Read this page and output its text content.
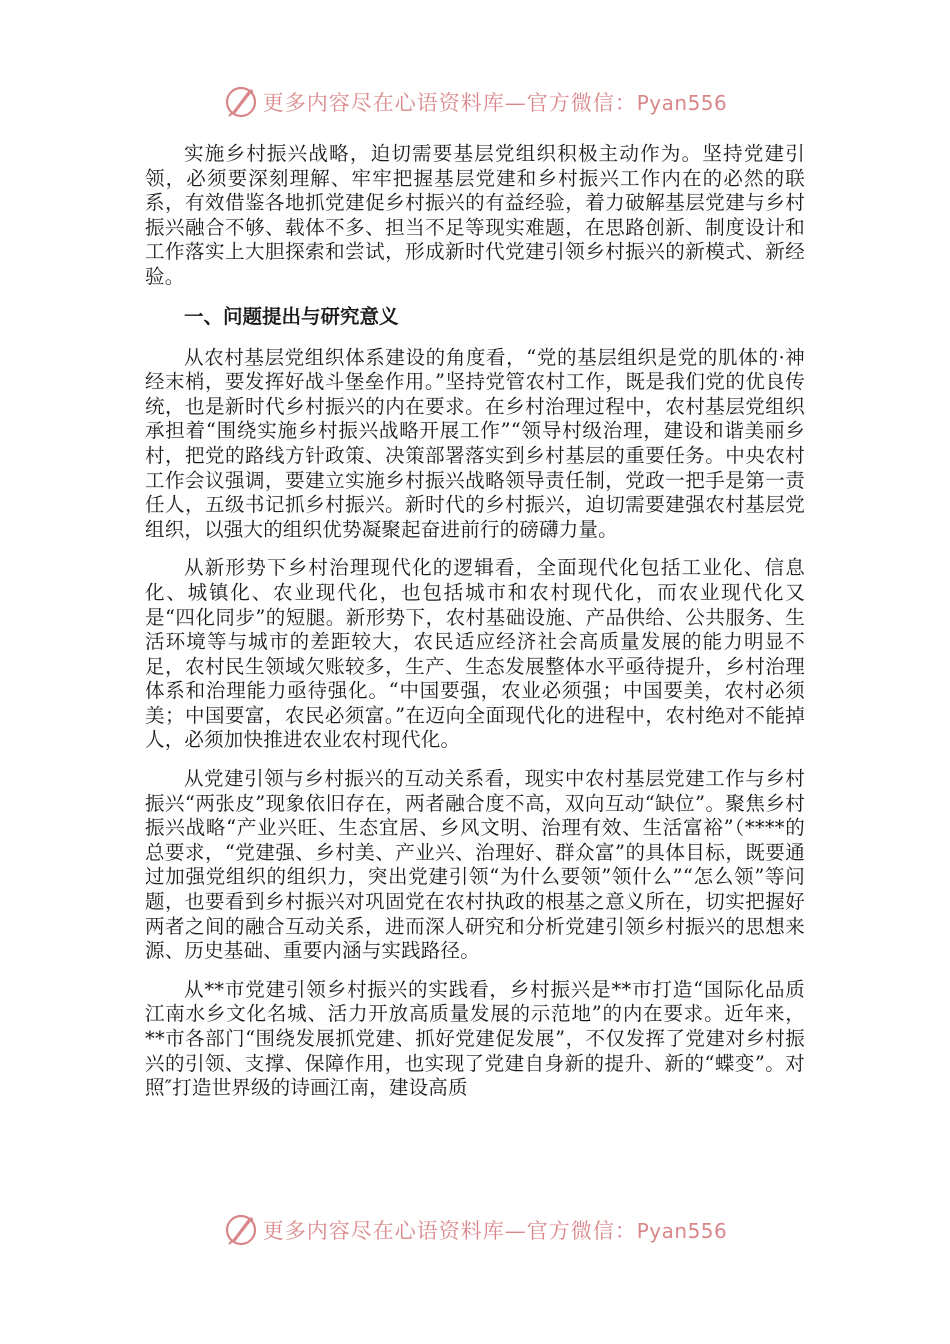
更多内容尽在心语资料库—官方微信：Pyan556

实施乡村振兴战略，迫切需要基层党组织积极主动作为。坚持党建引领，必须要深刻理解、牢牢把握基层党建和乡村振兴工作内在的必然的联系，有效借鉴各地抓党建促乡村振兴的有益经验，着力破解基层党建与乡村振兴融合不够、载体不多、担当不足等现实难题，在思路创新、制度设计和工作落实上大胆探索和尝试，形成新时代党建引领乡村振兴的新模式、新经验。

一、问题提出与研究意义

从农村基层党组织体系建设的角度看，“党的基层组织是党的肌体的·神经末梢，要发挥好战斗堡垒作用。”坚持党管农村工作，既是我们党的优良传统，也是新时代乡村振兴的内在要求。在乡村治理过程中，农村基层党组织承担着“围绕实施乡村振兴战略开展工作”“领导村级治理，建设和谐美丽乡村，把党的路线方针政策、决策部署落实到乡村基层的重要任务。中央农村工作会议强调，要建立实施乡村振兴战略领导责任制，党政一把手是第一责任人，五级书记抓乡村振兴。新时代的乡村振兴，迫切需要建强农村基层党组织，以强大的组织优势凝聚起奋进前行的磅礴力量。

从新形势下乡村治理现代化的逻辑看，全面现代化包括工业化、信息化、城镇化、农业现代化，也包括城市和农村现代化，而农业现代化又是“四化同步”的短腿。新形势下，农村基础设施、产品供给、公共服务、生活环境等与城市的差距较大，农民适应经济社会高质量发展的能力明显不足，农村民生领域欠账较多，生产、生态发展整体水平亟待提升，乡村治理体系和治理能力亟待强化。“中国要强，农业必须强；中国要美，农村必须美；中国要富，农民必须富。”在迈向全面现代化的进程中，农村绝对不能掉人，必须加快推进农业农村现代化。

从党建引领与乡村振兴的互动关系看，现实中农村基层党建工作与乡村振兴“两张皮”现象依旧存在，两者融合度不高，双向互动“缺位”。聚焦乡村振兴战略“产业兴旺、生态宜居、乡风文明、治理有效、生活富裕”（****的总要求，“党建强、乡村美、产业兴、治理好、群众富”的具体目标，既要通过加强党组织的组织力，突出党建引领“为什么要领”领什么”“怎么领”等问题，也要看到乡村振兴对巩固党在农村执政的根基之意义所在，切实把握好两者之间的融合互动关系，进而深人研究和分析党建引领乡村振兴的思想来源、历史基础、重要内涵与实践路径。

从**市党建引领乡村振兴的实践看，乡村振兴是**市打造“国际化品质江南水乡文化名城、活力开放高质量发展的示范地”的内在要求。近年来，**市各部门“围绕发展抓党建、抓好党建促发展”，不仅发挥了党建对乡村振兴的引领、支撑、保障作用，也实现了党建自身新的提升、新的“蝶变”。对照″打造世界级的诗画江南，建设高质

更多内容尽在心语资料库—官方微信：Pyan556
